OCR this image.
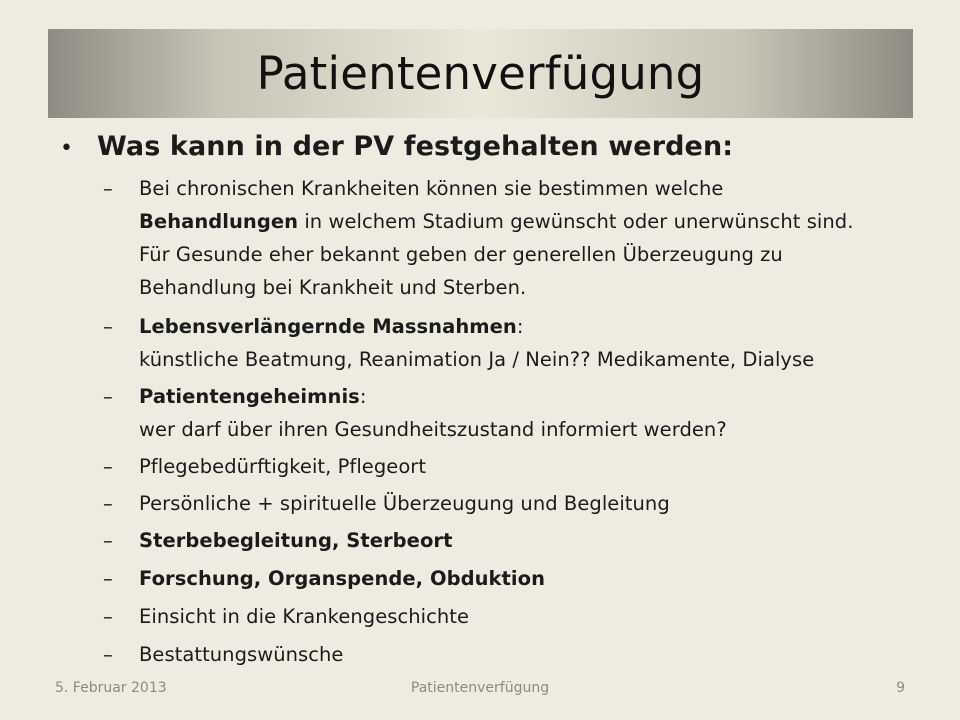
Patientenverfügung
• Was kann in der PV festgehalten werden:
–	Bei chronischen Krankheiten können sie bestimmen welche
Behandlungen in welchem Stadium gewünscht oder unerwünscht sind.
Für Gesunde eher bekannt geben der generellen Überzeugung zu
Behandlung bei Krankheit und Sterben.
–	Lebensverlängernde Massnahmen:
künstliche Beatmung, Reanimation Ja / Nein?? Medikamente, Dialyse
–	Patientengeheimnis:
wer darf über ihren Gesundheitszustand informiert werden?
–	Pflegebedürftigkeit, Pflegeort
–	Persönliche + spirituelle Überzeugung und Begleitung
–	Sterbebegleitung, Sterbeort
–	Forschung, Organspende, Obduktion
–	Einsicht in die Krankengeschichte
–	Bestattungswünsche
5. Februar 2013	Patientenverfügung	9
